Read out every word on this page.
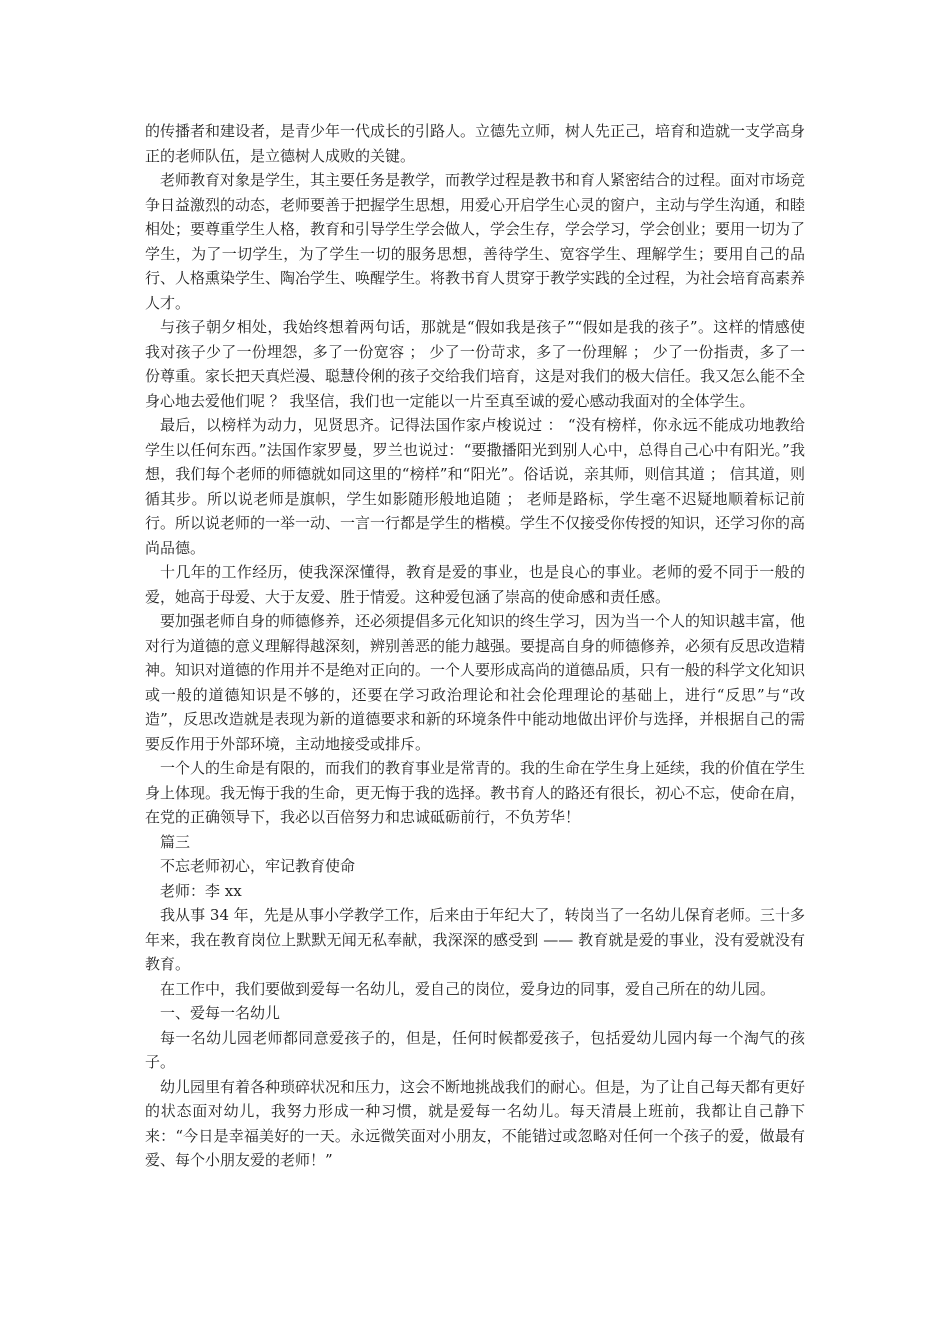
的传播者和建设者，是青少年一代成长的引路人。立德先立师，树人先正己，培育和造就一支学高身正的老师队伍，是立德树人成败的关键。

老师教育对象是学生，其主要任务是教学，而教学过程是教书和育人紧密结合的过程。面对市场竞争日益激烈的动态，老师要善于把握学生思想，用爱心开启学生心灵的窗户，主动与学生沟通，和睦相处；要尊重学生人格，教育和引导学生学会做人，学会生存，学会学习，学会创业；要用一切为了学生，为了一切学生，为了学生一切的服务思想，善待学生、宽容学生、理解学生；要用自己的品行、人格熏染学生、陶冶学生、唤醒学生。将教书育人贯穿于教学实践的全过程，为社会培育高素养人才。

与孩子朝夕相处，我始终想着两句话，那就是“假如我是孩子”“假如是我的孩子”。这样的情感使我对孩子少了一份埋怨，多了一份宽容 ； 少了一份苛求，多了一份理解 ； 少了一份指责，多了一份尊重。家长把天真烂漫、聪慧伶俐的孩子交给我们培育，这是对我们的极大信任。我又怎么能不全身心地去爱他们呢 ？ 我坚信，我们也一定能以一片至真至诚的爱心感动我面对的全体学生。

最后，以榜样为动力，见贤思齐。记得法国作家卢梭说过 ： “没有榜样，你永远不能成功地教给学生以任何东西。”法国作家罗曼，罗兰也说过：“要撒播阳光到别人心中，总得自己心中有阳光。”我想，我们每个老师的师德就如同这里的“榜样”和“阳光”。俗话说，亲其师，则信其道 ； 信其道，则循其步。所以说老师是旗帜，学生如影随形般地追随 ； 老师是路标，学生毫不迟疑地顺着标记前行。所以说老师的一举一动、一言一行都是学生的楷模。学生不仅接受你传授的知识，还学习你的高尚品德。

十几年的工作经历，使我深深懂得，教育是爱的事业，也是良心的事业。老师的爱不同于一般的爱，她高于母爱、大于友爱、胜于情爱。这种爱包涵了崇高的使命感和责任感。

要加强老师自身的师德修养，还必须提倡多元化知识的终生学习，因为当一个人的知识越丰富，他对行为道德的意义理解得越深刻，辨别善恶的能力越强。要提高自身的师德修养，必须有反思改造精神。知识对道德的作用并不是绝对正向的。一个人要形成高尚的道德品质，只有一般的科学文化知识或一般的道德知识是不够的，还要在学习政治理论和社会伦理理论的基础上，进行“反思”与“改造”，反思改造就是表现为新的道德要求和新的环境条件中能动地做出评价与选择，并根据自己的需要反作用于外部环境，主动地接受或排斥。

一个人的生命是有限的，而我们的教育事业是常青的。我的生命在学生身上延续，我的价值在学生身上体现。我无悔于我的生命，更无悔于我的选择。教书育人的路还有很长，初心不忘，使命在肩，在党的正确领导下，我必以百倍努力和忠诚砥砺前行，不负芳华！

篇三

不忘老师初心，牢记教育使命

老师：李 xx

我从事 34 年，先是从事小学教学工作，后来由于年纪大了，转岗当了一名幼儿保育老师。三十多年来，我在教育岗位上默默无闻无私奉献，我深深的感受到 —— 教育就是爱的事业，没有爱就没有教育。

在工作中，我们要做到爱每一名幼儿，爱自己的岗位，爱身边的同事，爱自己所在的幼儿园。

一、爱每一名幼儿

每一名幼儿园老师都同意爱孩子的，但是，任何时候都爱孩子，包括爱幼儿园内每一个淘气的孩子。

幼儿园里有着各种琐碎状况和压力，这会不断地挑战我们的耐心。但是，为了让自己每天都有更好的状态面对幼儿，我努力形成一种习惯，就是爱每一名幼儿。每天清晨上班前，我都让自己静下来：“今日是幸福美好的一天。永远微笑面对小朋友，不能错过或忽略对任何一个孩子的爱，做最有爱、每个小朋友爱的老师！”
